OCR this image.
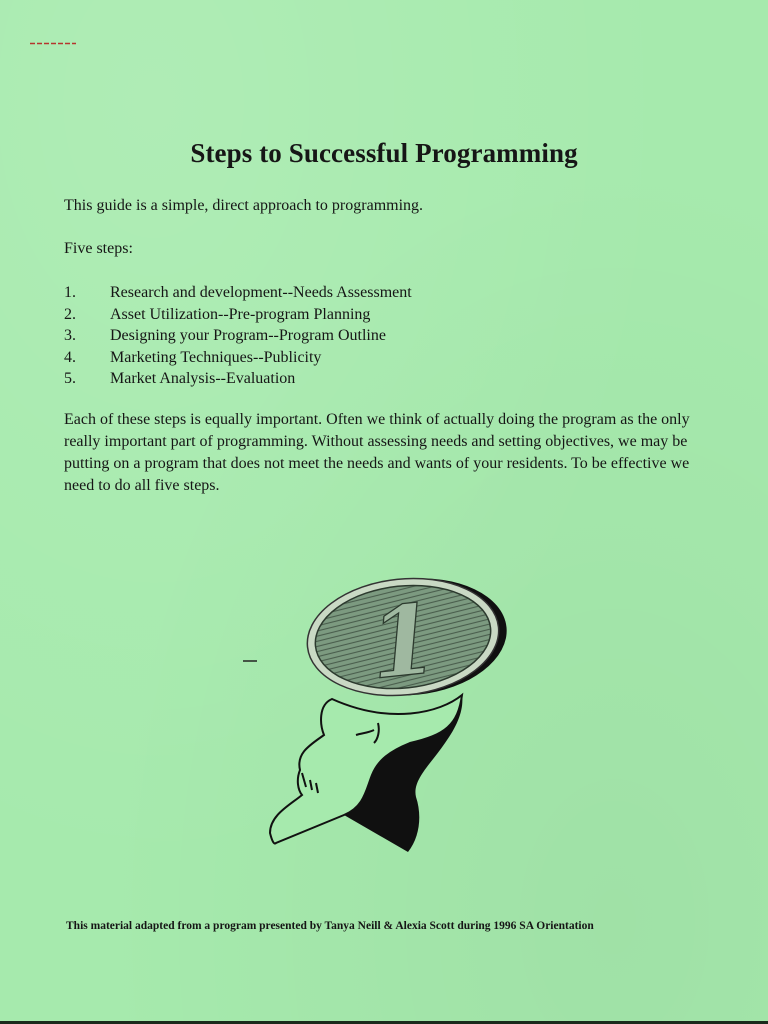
Steps to Successful Programming

This guide is a simple, direct approach to programming.

Five steps:

1.	Research and development--Needs Assessment
2.	Asset Utilization--Pre-program Planning
3.	Designing your Program--Program Outline
4.	Marketing Techniques--Publicity
5.	Market Analysis--Evaluation

Each of these steps is equally important. Often we think of actually doing the program as the only really important part of programming. Without assessing needs and setting objectives, we may be putting on a program that does not meet the needs and wants of your residents. To be effective we need to do all five steps.

1

This material adapted from a program presented by Tanya Neill & Alexia Scott during 1996 SA Orientation
